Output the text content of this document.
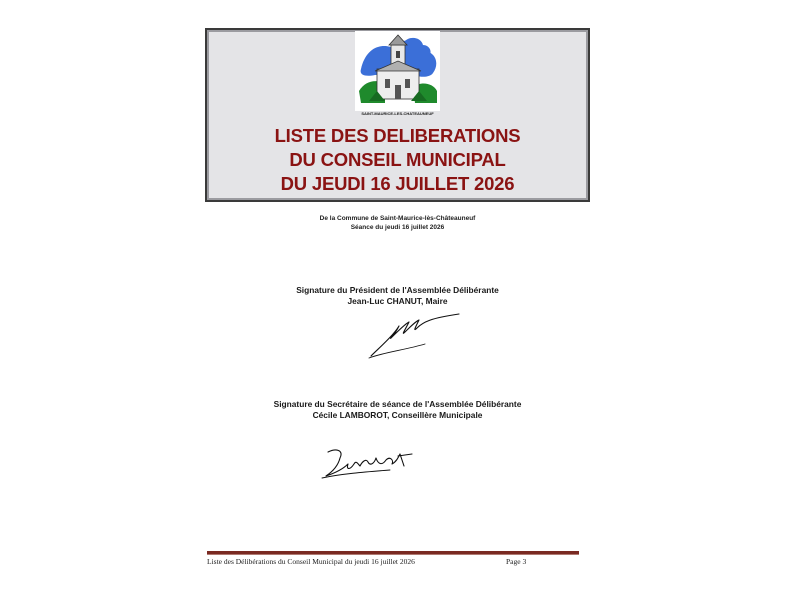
SAINT-MAURICE-LES-CHATEAUNEUF
LISTE DES DELIBERATIONS
DU CONSEIL MUNICIPAL
DU JEUDI 16 JUILLET 2026
De la Commune de Saint-Maurice-lès-Châteauneuf
Séance du jeudi 16 juillet 2026
Signature du Président de l'Assemblée Délibérante
Jean-Luc CHANUT, Maire
Signature du Secrétaire de séance de l'Assemblée Délibérante
Cécile LAMBOROT, Conseillère Municipale
Liste des Délibérations du Conseil Municipal du jeudi 16 juillet 2026	Page 3
